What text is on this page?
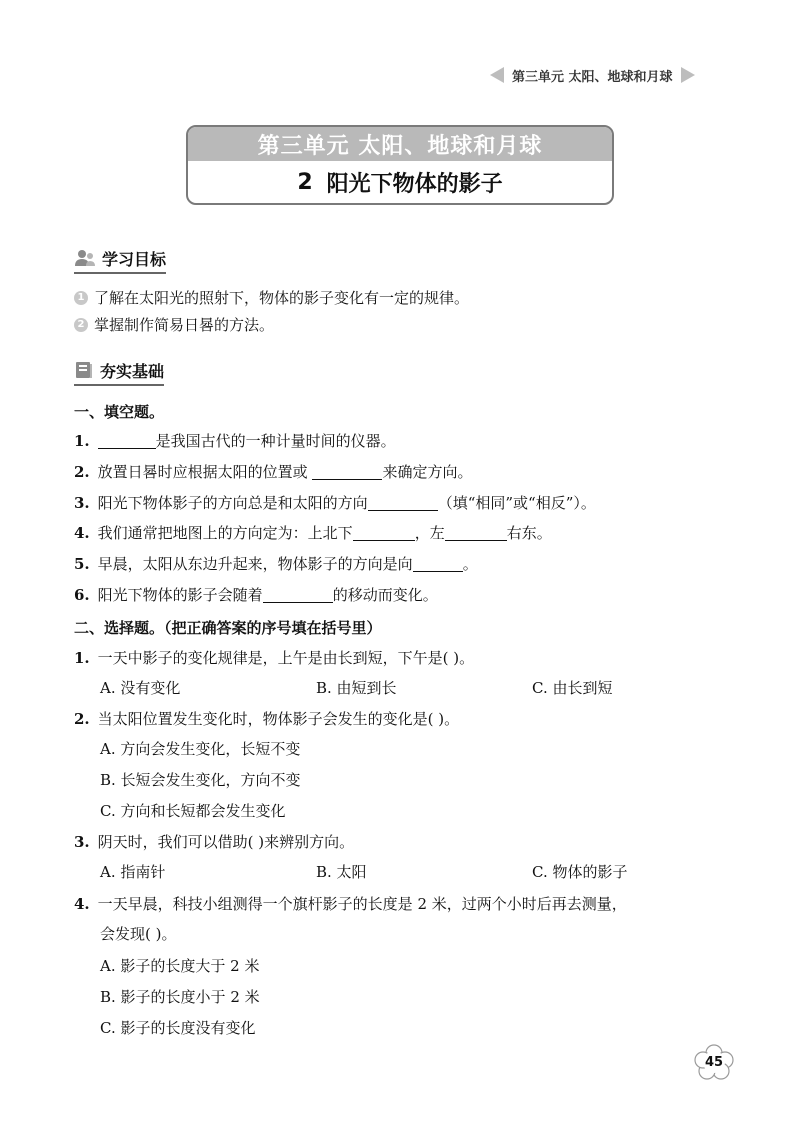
第三单元 太阳、地球和月球
第三单元 太阳、地球和月球
2 阳光下物体的影子
学习目标
1 了解在太阳光的照射下，物体的影子变化有一定的规律。
2 掌握制作简易日晷的方法。
夯实基础
一、填空题。
1.	是我国古代的一种计量时间的仪器。
2. 放置日晷时应根据太阳的位置或	来确定方向。
3. 阳光下物体影子的方向总是和太阳的方向	（填“相同”或“相反”）。
4. 我们通常把地图上的方向定为：上北下	，左	右东。
5. 早晨，太阳从东边升起来，物体影子的方向是向	。
6. 阳光下物体的影子会随着	的移动而变化。
二、选择题。（把正确答案的序号填在括号里）
1. 一天中影子的变化规律是，上午是由长到短，下午是( )。
A. 没有变化	B. 由短到长	C. 由长到短
2. 当太阳位置发生变化时，物体影子会发生的变化是( )。
A. 方向会发生变化，长短不变
B. 长短会发生变化，方向不变
C. 方向和长短都会发生变化
3. 阴天时，我们可以借助( )来辨别方向。
A. 指南针	B. 太阳	C. 物体的影子
4. 一天早晨，科技小组测得一个旗杆影子的长度是 2 米，过两个小时后再去测量，
会发现( )。
A. 影子的长度大于 2 米
B. 影子的长度小于 2 米
C. 影子的长度没有变化
45
